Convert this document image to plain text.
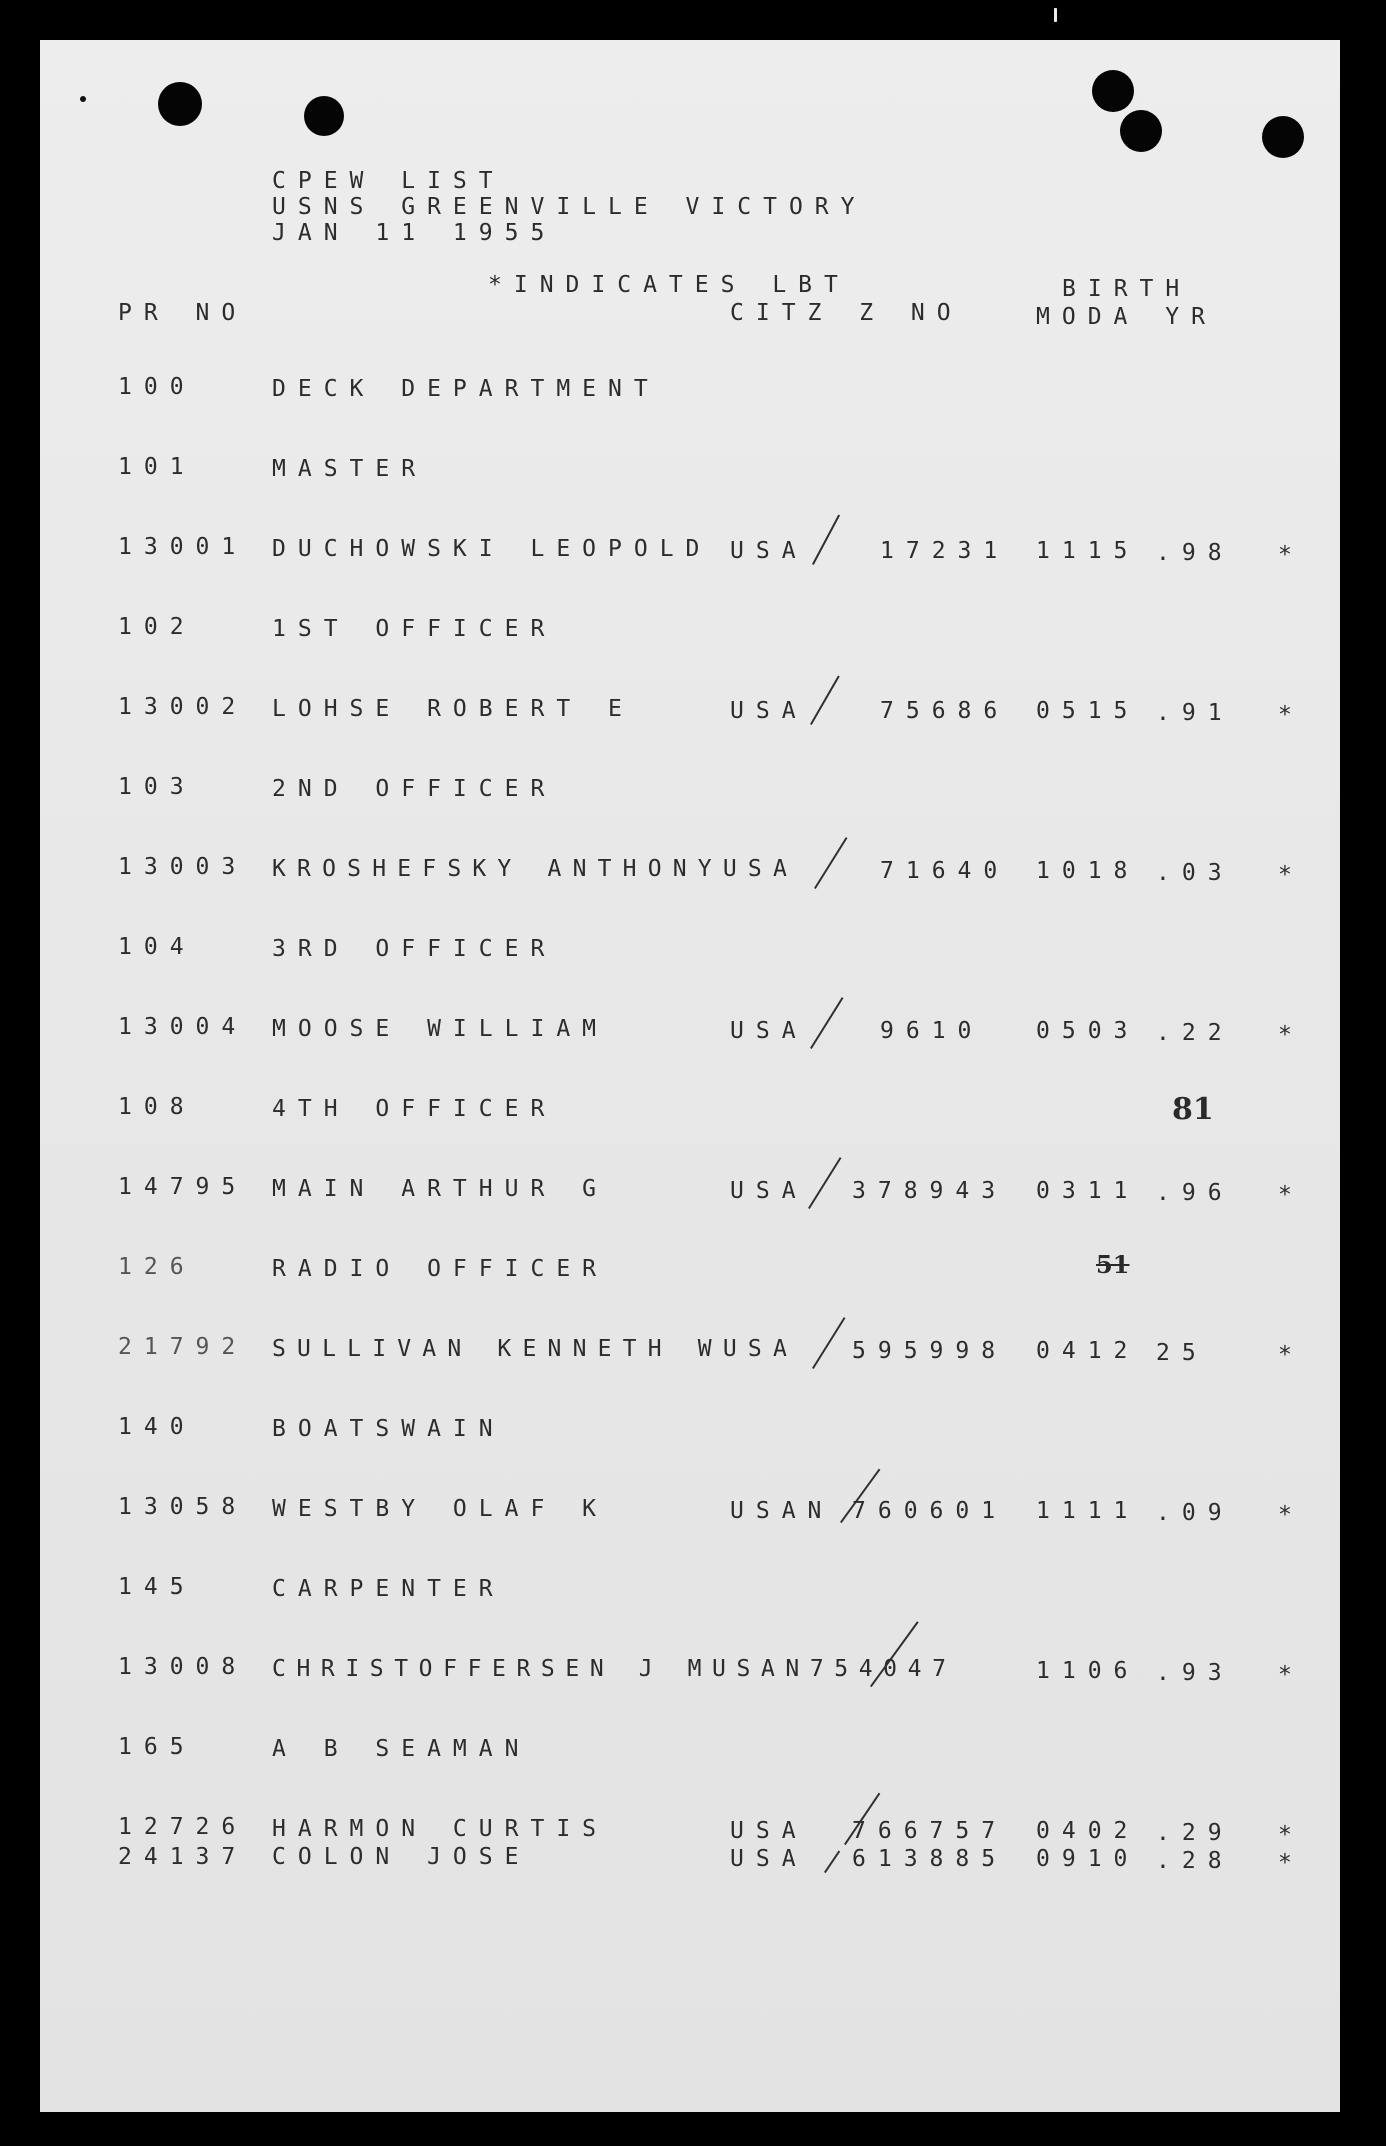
CPEW LIST
USNS GREENVILLE VICTORY
JAN 11 1955
*INDICATES LBT	BIRTH
PR NO	CITZ Z NO	MODA YR
100	DECK DEPARTMENT
101	MASTER
13001 DUCHOWSKI LEOPOLD USA	17231 1115 .98 *
102	1ST OFFICER
13002 LOHSE ROBERT E	USA	75686 0515 .91 *
103	2ND OFFICER
13003 KROSHEFSKY ANTHONYUSA	71640 1018 .03 *
104	3RD OFFICER
13004 MOOSE WILLIAM	USA	9610 0503 .22 *
108	4TH OFFICER	81
14795 MAIN ARTHUR G	USA 378943 0311 .96 *
126	RADIO OFFICER	51
21792 SULLIVAN KENNETH WUSA 595998 0412 25	*
140	BOATSWAIN
13058 WESTBY OLAF K	USAN 760601 1111 .09 *
145	CARPENTER
13008 CHRISTOFFERSEN J MUSAN754047	1106 .93 *
165	A B SEAMAN
12726 HARMON CURTIS	USA 766757 0402 .29 *
24137 COLON JOSE	USA 613885 0910 .28 *
